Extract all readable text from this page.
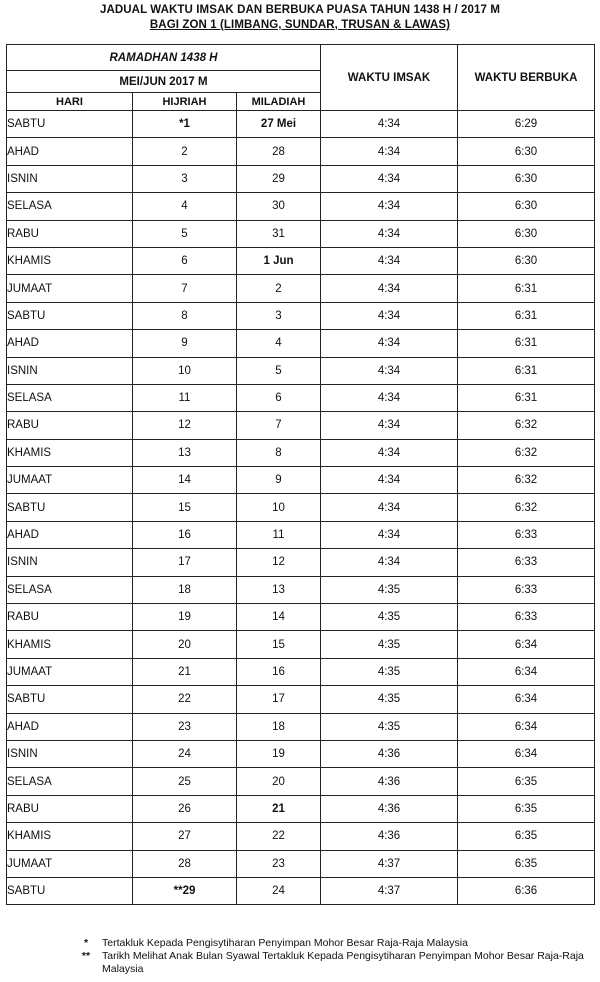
JADUAL WAKTU IMSAK DAN BERBUKA PUASA TAHUN 1438 H / 2017 M
BAGI ZON 1 (LIMBANG, SUNDAR, TRUSAN & LAWAS)
RAMADHAN 1438 H			WAKTU IMSAK	WAKTU BERBUKA
MEI/JUN 2017 M				
HARI	HIJRIAH	MILADIAH		
SABTU	*1	27 Mei	4:34	6:29
AHAD	2	28	4:34	6:30
ISNIN	3	29	4:34	6:30
SELASA	4	30	4:34	6:30
RABU	5	31	4:34	6:30
KHAMIS	6	1 Jun	4:34	6:30
JUMAAT	7	2	4:34	6:31
SABTU	8	3	4:34	6:31
AHAD	9	4	4:34	6:31
ISNIN	10	5	4:34	6:31
SELASA	11	6	4:34	6:31
RABU	12	7	4:34	6:32
KHAMIS	13	8	4:34	6:32
JUMAAT	14	9	4:34	6:32
SABTU	15	10	4:34	6:32
AHAD	16	11	4:34	6:33
ISNIN	17	12	4:34	6:33
SELASA	18	13	4:35	6:33
RABU	19	14	4:35	6:33
KHAMIS	20	15	4:35	6:34
JUMAAT	21	16	4:35	6:34
SABTU	22	17	4:35	6:34
AHAD	23	18	4:35	6:34
ISNIN	24	19	4:36	6:34
SELASA	25	20	4:36	6:35
RABU	26	21	4:36	6:35
KHAMIS	27	22	4:36	6:35
JUMAAT	28	23	4:37	6:35
SABTU	**29	24	4:37	6:36
*	Tertakluk Kepada Pengisytiharan Penyimpan Mohor Besar Raja-Raja Malaysia
**	Tarikh Melihat Anak Bulan Syawal Tertakluk Kepada Pengisytiharan Penyimpan Mohor Besar Raja-Raja Malaysia
